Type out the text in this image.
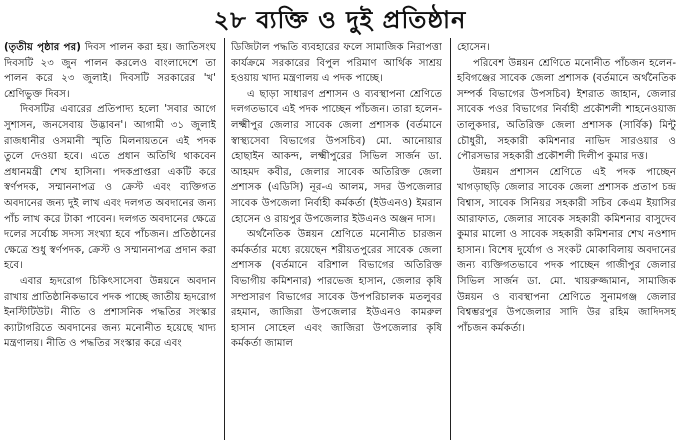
২৮ ব্যক্তি ও দুই প্রতিষ্ঠান

(তৃতীয় পৃষ্ঠার পর) দিবস পালন করা হয়। জাতিসংঘ দিবসটি ২৩ জুন পালন করলেও বাংলাদেশে তা পালন করে ২৩ জুলাই। দিবসটি সরকারের 'খ' শ্রেণিভুক্ত দিবস।

দিবসটির এবারের প্রতিপাদ্য হলো 'সবার আগে সুশাসন, জনসেবায় উদ্ভাবন'। আগামী ৩১ জুলাই রাজধানীর ওসমানী স্মৃতি মিলনায়তনে এই পদক তুলে দেওয়া হবে। এতে প্রধান অতিথি থাকবেন প্রধানমন্ত্রী শেখ হাসিনা। পদকপ্রাপ্তরা একটি করে স্বর্ণপদক, সম্মাননাপত্র ও ক্রেস্ট এবং ব্যক্তিগত অবদানের জন্য দুই লাখ এবং দলগত অবদানের জন্য পাঁচ লাখ করে টাকা পাবেন। দলগত অবদানের ক্ষেত্রে দলের সর্বোচ্চ সদস্য সংখ্যা হবে পাঁচজন। প্রতিষ্ঠানের ক্ষেত্রে শুধু স্বর্ণপদক, ক্রেস্ট ও সম্মাননাপত্র প্রদান করা হবে।

এবার হৃদরোগ চিকিৎসাসেবা উন্নয়নে অবদান রাখায় প্রাতিষ্ঠানিকভাবে পদক পাচ্ছে জাতীয় হৃদরোগ ইনস্টিটিউট। নীতি ও প্রশাসনিক পদ্ধতির সংস্কার ক্যাটাগরিতে অবদানের জন্য মনোনীত হয়েছে খাদ্য মন্ত্রণালয়। নীতি ও পদ্ধতির সংস্কার করে এবং

ডিজিটাল পদ্ধতি ব্যবহারের ফলে সামাজিক নিরাপত্তা কার্যক্রমে সরকারের বিপুল পরিমাণ আর্থিক সাশ্রয় হওয়ায় খাদ্য মন্ত্রণালয় এ পদক পাচ্ছে।

এ ছাড়া সাধারণ প্রশাসন ও ব্যবস্থাপনা শ্রেণিতে দলগতভাবে এই পদক পাচ্ছেন পাঁচজন। তারা হলেন- লক্ষ্মীপুর জেলার সাবেক জেলা প্রশাসক (বর্তমানে স্বাস্থ্যসেবা বিভাগের উপসচিব) মো. আনোয়ার হোছাইন আকন্দ, লক্ষ্মীপুরের সিভিল সার্জন ডা. আহমদ কবীর, জেলার সাবেক অতিরিক্ত জেলা প্রশাসক (এডিসি) নূর-এ আলম, সদর উপজেলার সাবেক উপজেলা নির্বাহী কর্মকর্তা (ইউএনও) ইমরান হোসেন ও রায়পুর উপজেলার ইউএনও অঞ্জন দাস।

অর্থনৈতিক উন্নয়ন শ্রেণিতে মনোনীত চারজন কর্মকর্তার মধ্যে রয়েছেন শরীয়তপুরের সাবেক জেলা প্রশাসক (বর্তমানে বরিশাল বিভাগের অতিরিক্ত বিভাগীয় কমিশনার) পারভেজ হাসান, জেলার কৃষি সম্প্রসারণ বিভাগের সাবেক উপপরিচালক মতলুবর রহমান, জাজিরা উপজেলার ইউএনও কামরুল হাসান সোহেল এবং জাজিরা উপজেলার কৃষি কর্মকর্তা জামাল

হোসেন।

পরিবেশ উন্নয়ন শ্রেণিতে মনোনীত পাঁচজন হলেন- হবিগঞ্জের সাবেক জেলা প্রশাসক (বর্তমানে অর্থনৈতিক সম্পর্ক বিভাগের উপসচিব) ইশরাত জাহান, জেলার সাবেক পওর বিভাগের নির্বাহী প্রকৌশলী শাহনেওয়াজ তালুকদার, অতিরিক্ত জেলা প্রশাসক (সার্বিক) মিন্টু চৌধুরী, সহকারী কমিশনার নাভিদ সারওয়ার ও পৌরসভার সহকারী প্রকৌশলী দিলীপ কুমার দত্ত।

উন্নয়ন প্রশাসন শ্রেণিতে এই পদক পাচ্ছেন খাগড়াছড়ি জেলার সাবেক জেলা প্রশাসক প্রতাপ চন্দ্র বিশ্বাস, সাবেক সিনিয়র সহকারী সচিব কেএম ইয়াসির আরাফাত, জেলার সাবেক সহকারী কমিশনার বাসুদেব কুমার মালো ও সাবেক সহকারী কমিশনার শেখ নওশাদ হাসান। বিশেষ দুর্যোগ ও সংকট মোকাবিলায় অবদানের জন্য ব্যক্তিগতভাবে পদক পাচ্ছেন গাজীপুর জেলার সিভিল সার্জন ডা. মো. খায়রুজ্জামান, সামাজিক উন্নয়ন ও ব্যবস্থাপনা শ্রেণিতে সুনামগঞ্জ জেলার বিশ্বম্ভরপুর উপজেলার সাদি উর রহিম জাদিদসহ পাঁচজন কর্মকর্তা।
